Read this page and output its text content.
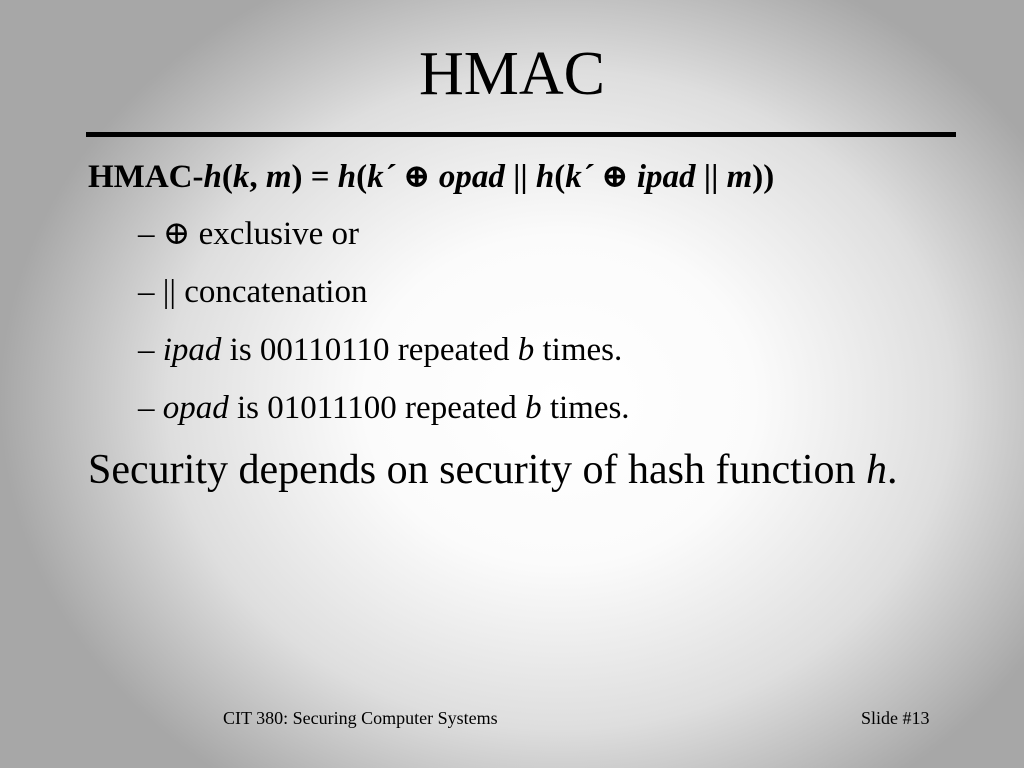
HMAC
HMAC-h(k, m) = h(k´ ⊕ opad || h(k´ ⊕ ipad || m))
– ⊕ exclusive or
– || concatenation
– ipad is 00110110 repeated b times.
– opad is 01011100 repeated b times.
Security depends on security of hash function h.
CIT 380: Securing Computer Systems	Slide #13
